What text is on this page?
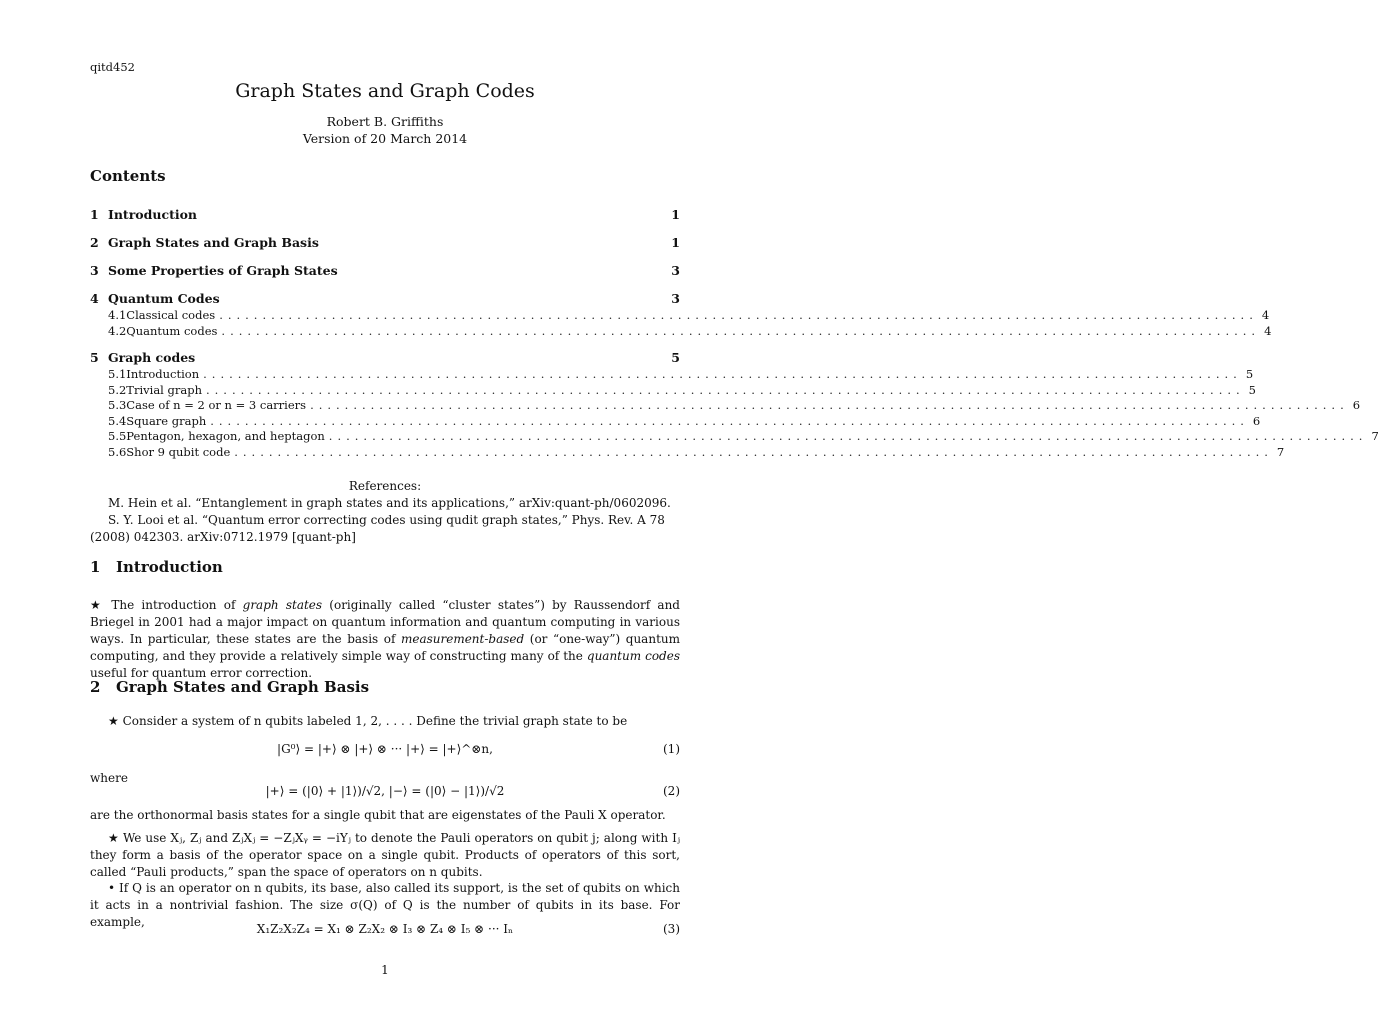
qitd452
Graph States and Graph Codes
Robert B. Griffiths
Version of 20 March 2014
Contents
1 Introduction	1
2 Graph States and Graph Basis	1
3 Some Properties of Graph States	3
4 Quantum Codes	3
4.1 Classical codes ........................................................................................................................ 4
4.2 Quantum codes ........................................................................................................................ 4
5 Graph codes	5
5.1 Introduction ........................................................................................................................ 5
5.2 Trivial graph ........................................................................................................................ 5
5.3 Case of n = 2 or n = 3 carriers ........................................................................................................................ 6
5.4 Square graph ........................................................................................................................ 6
5.5 Pentagon, hexagon, and heptagon ........................................................................................................................ 7
5.6 Shor 9 qubit code ........................................................................................................................ 7
References:
M. Hein et al. “Entanglement in graph states and its applications,” arXiv:quant-ph/0602096.
S. Y. Looi et al. “Quantum error correcting codes using qudit graph states,” Phys. Rev. A 78 (2008) 042303. arXiv:0712.1979 [quant-ph]
1 Introduction
★ The introduction of graph states (originally called “cluster states”) by Raussendorf and Briegel in 2001 had a major impact on quantum information and quantum computing in various ways. In particular, these states are the basis of measurement-based (or “one-way”) quantum computing, and they provide a relatively simple way of constructing many of the quantum codes useful for quantum error correction.
2 Graph States and Graph Basis
★ Consider a system of n qubits labeled 1, 2, . . . . Define the trivial graph state to be
|G⁰⟩ = |+⟩ ⊗ |+⟩ ⊗ ··· |+⟩ = |+⟩^⊗n,	(1)
where
|+⟩ = (|0⟩ + |1⟩)/√2, |−⟩ = (|0⟩ − |1⟩)/√2	(2)
are the orthonormal basis states for a single qubit that are eigenstates of the Pauli X operator.
★ We use Xⱼ, Zⱼ and ZⱼXⱼ = −ZⱼXᵧ = −iYⱼ to denote the Pauli operators on qubit j; along with Iⱼ they form a basis of the operator space on a single qubit. Products of operators of this sort, called “Pauli products,” span the space of operators on n qubits.
• If Q is an operator on n qubits, its base, also called its support, is the set of qubits on which it acts in a nontrivial fashion. The size σ(Q) of Q is the number of qubits in its base. For example,	X₁Z₂X₂Z₄ = X₁ ⊗ Z₂X₂ ⊗ I₃ ⊗ Z₄ ⊗ I₅ ⊗ ··· Iₙ	(3)
1
